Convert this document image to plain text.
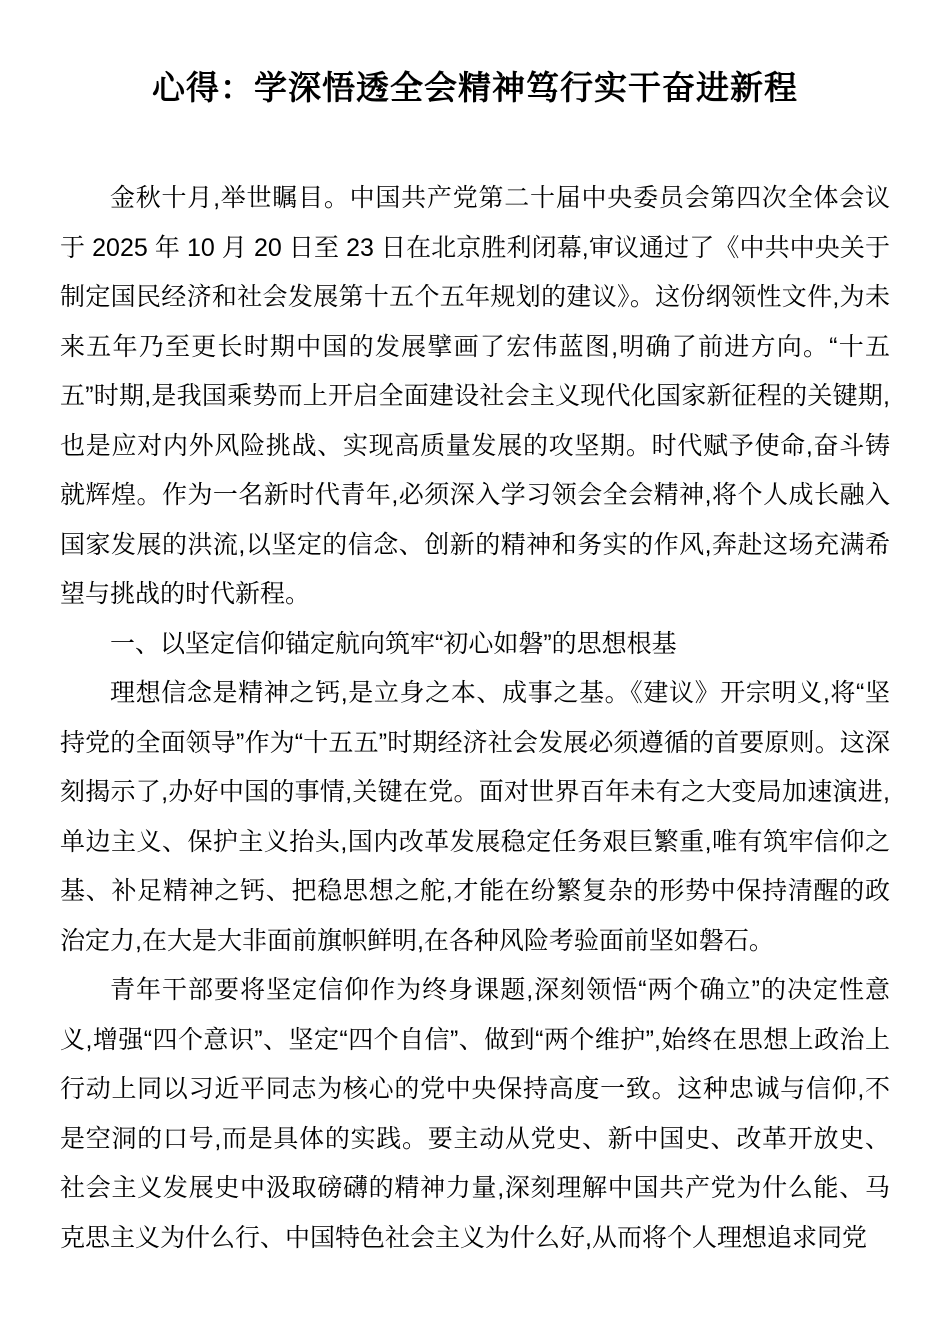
心得：学深悟透全会精神笃行实干奋进新程

金秋十月,举世瞩目。中国共产党第二十届中央委员会第四次全体会议于 2025 年 10 月 20 日至 23 日在北京胜利闭幕,审议通过了《中共中央关于制定国民经济和社会发展第十五个五年规划的建议》。这份纲领性文件,为未来五年乃至更长时期中国的发展擘画了宏伟蓝图,明确了前进方向。“十五五”时期,是我国乘势而上开启全面建设社会主义现代化国家新征程的关键期,也是应对内外风险挑战、实现高质量发展的攻坚期。时代赋予使命,奋斗铸就辉煌。作为一名新时代青年,必须深入学习领会全会精神,将个人成长融入国家发展的洪流,以坚定的信念、创新的精神和务实的作风,奔赴这场充满希望与挑战的时代新程。

一、以坚定信仰锚定航向筑牢“初心如磐”的思想根基

理想信念是精神之钙,是立身之本、成事之基。《建议》开宗明义,将“坚持党的全面领导”作为“十五五”时期经济社会发展必须遵循的首要原则。这深刻揭示了,办好中国的事情,关键在党。面对世界百年未有之大变局加速演进,单边主义、保护主义抬头,国内改革发展稳定任务艰巨繁重,唯有筑牢信仰之基、补足精神之钙、把稳思想之舵,才能在纷繁复杂的形势中保持清醒的政治定力,在大是大非面前旗帜鲜明,在各种风险考验面前坚如磐石。

青年干部要将坚定信仰作为终身课题,深刻领悟“两个确立”的决定性意义,增强“四个意识”、坚定“四个自信”、做到“两个维护”,始终在思想上政治上行动上同以习近平同志为核心的党中央保持高度一致。这种忠诚与信仰,不是空洞的口号,而是具体的实践。要主动从党史、新中国史、改革开放史、社会主义发展史中汲取磅礴的精神力量,深刻理解中国共产党为什么能、马克思主义为什么行、中国特色社会主义为什么好,从而将个人理想追求同党
